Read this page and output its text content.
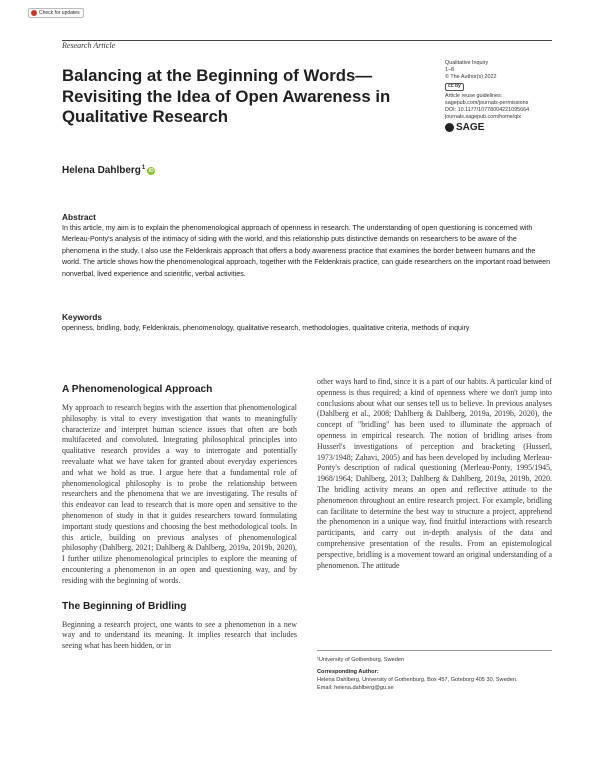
Check for updates
Research Article
Balancing at the Beginning of Words—Revisiting the Idea of Open Awareness in Qualitative Research
Qualitative Inquiry
1–8
© The Author(s) 2022
cc by
Article reuse guidelines:
sagepub.com/journals-permissions
DOI: 10.1177/10778004221095664
journals.sagepub.com/home/qix
SAGE
Helena Dahlberg$^1$ iD
Abstract
In this article, my aim is to explain the phenomenological approach of openness in research. The understanding of open questioning is concerned with Merleau-Ponty's analysis of the intimacy of siding with the world, and this relationship puts distinctive demands on researchers to be aware of the phenomena in the study. I also use the Feldenkrais approach that offers a body awareness practice that examines the border between humans and the world. The article shows how the phenomenological approach, together with the Feldenkrais practice, can guide researchers on the important road between nonverbal, lived experience and scientific, verbal activities.
Keywords
openness, bridling, body, Feldenkrais, phenomenology, qualitative research, methodologies, qualitative criteria, methods of inquiry
A Phenomenological Approach

My approach to research begins with the assertion that phenomenological philosophy is vital to every investigation that wants to meaningfully characterize and interpret human science issues that often are both multifaceted and convoluted. Integrating philosophical principles into qualitative research provides a way to interrogate and potentially reevaluate what we have taken for granted about everyday experiences and what we hold as true. I argue here that a fundamental role of phenomenological philosophy is to probe the relationship between researchers and the phenomena that we are investigating. The results of this endeavor can lead to research that is more open and sensitive to the phenomenon of study in that it guides researchers toward formulating important study questions and choosing the best methodological tools. In this article, building on previous analyses of phenomenological philosophy (Dahlberg, 2021; Dahlberg & Dahlberg, 2019a, 2019b, 2020), I further utilize phenomenological principles to explore the meaning of encountering a phenomenon in an open and questioning way, and by residing with the beginning of words.

The Beginning of Bridling

Beginning a research project, one wants to see a phenomenon in a new way and to understand its meaning. It implies research that includes seeing what has been hidden, or in

other ways hard to find, since it is a part of our habits. A particular kind of openness is thus required; a kind of openness where we don't jump into conclusions about what our senses tell us to believe. In previous analyses (Dahlberg et al., 2008; Dahlberg & Dahlberg, 2019a, 2019b, 2020), the concept of "bridling" has been used to illuminate the approach of openness in empirical research. The notion of bridling arises from Husserl's investigations of perception and bracketing (Husserl, 1973/1948; Zahavi, 2005) and has been developed by including Merleau-Ponty's description of radical questioning (Merleau-Ponty, 1995/1945, 1968/1964; Dahlberg, 2013; Dahlberg & Dahlberg, 2019a, 2019b, 2020. The bridling activity means an open and reflective attitude to the phenomenon throughout an entire research project. For example, bridling can facilitate to determine the best way to structure a project, apprehend the phenomenon in a unique way, find fruitful interactions with research participants, and carry out in-depth analysis of the data and comprehensive presentation of the results. From an epistemological perspective, bridling is a movement toward an original understanding of a phenomenon. The attitude

¹University of Gothenburg, Sweden
Corresponding Author:
Helena Dahlberg, University of Gothenburg, Box 457, Goteborg 405 30, Sweden.
Email: helena.dahlberg@gu.se
